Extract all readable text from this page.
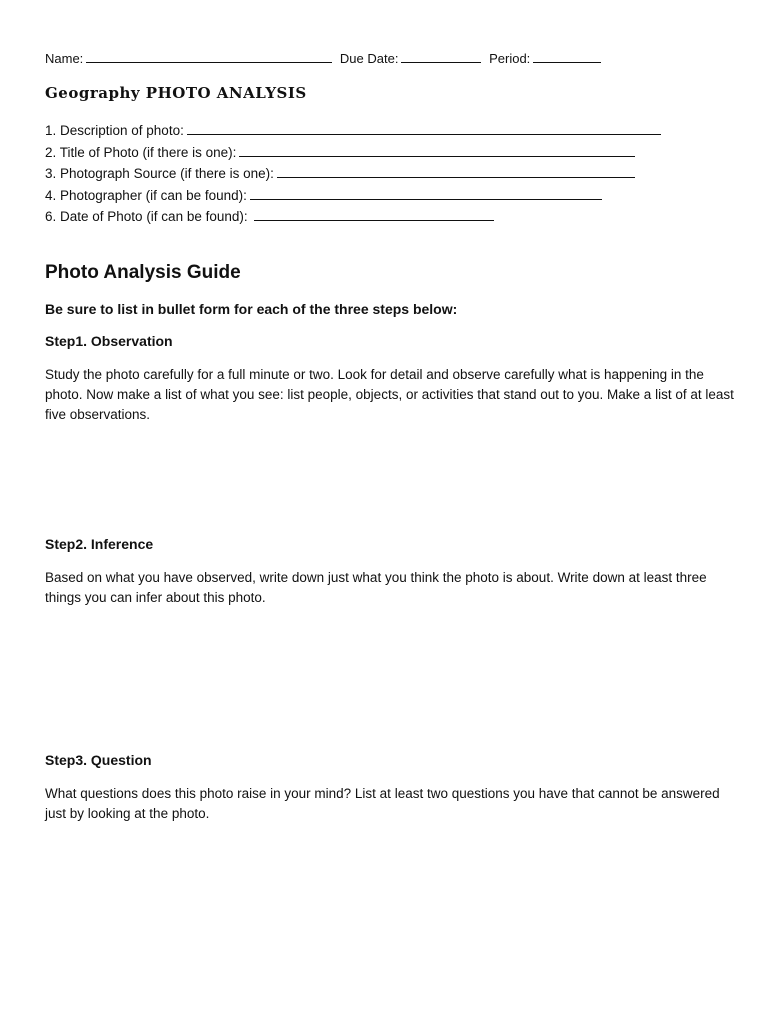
Name:	Due Date:	Period:
Geography PHOTO ANALYSIS
1. Description of photo:
2. Title of Photo (if there is one):
3. Photograph Source (if there is one):
4. Photographer (if can be found):
6. Date of Photo (if can be found):
Photo Analysis Guide
Be sure to list in bullet form for each of the three steps below:
Step1. Observation
Study the photo carefully for a full minute or two. Look for detail and observe carefully what is happening in the photo. Now make a list of what you see: list people, objects, or activities that stand out to you. Make a list of at least five observations.
Step2. Inference
Based on what you have observed, write down just what you think the photo is about. Write down at least three things you can infer about this photo.
Step3. Question
What questions does this photo raise in your mind? List at least two questions you have that cannot be answered just by looking at the photo.
